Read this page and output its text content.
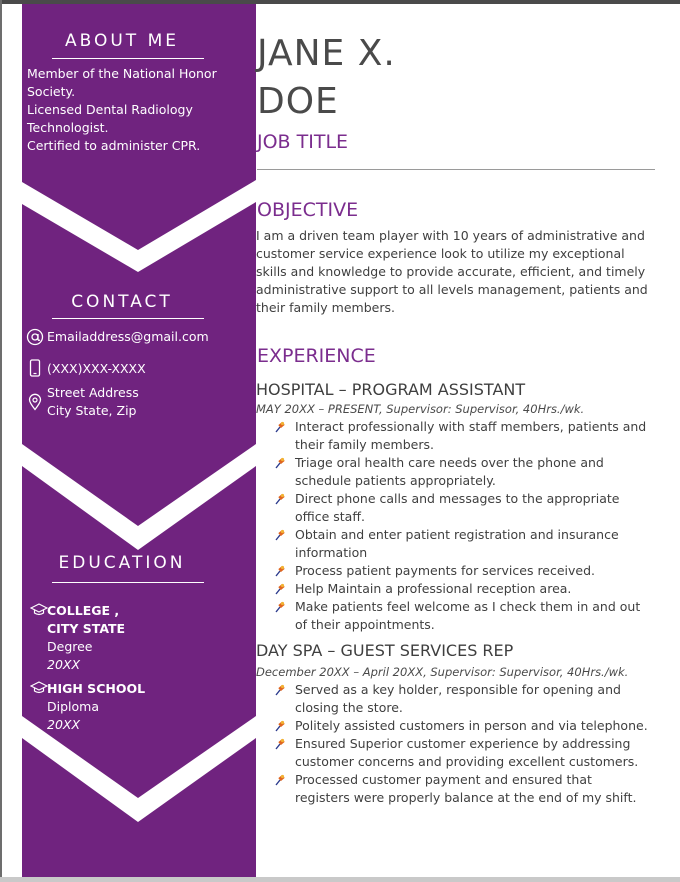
ABOUT ME
Member of the National Honor
Society.
Licensed Dental Radiology
Technologist.
Certified to administer CPR.
CONTACT
Emailaddress@gmail.com
(XXX)XXX-XXXX
Street Address
City State, Zip
EDUCATION
COLLEGE ,
CITY STATE
Degree
20XX
HIGH SCHOOL
Diploma
20XX
JANE X.
DOE
JOB TITLE
OBJECTIVE
I am a driven team player with 10 years of administrative and
customer service experience look to utilize my exceptional
skills and knowledge to provide accurate, efficient, and timely
administrative support to all levels management, patients and
their family members.
EXPERIENCE
HOSPITAL – PROGRAM ASSISTANT
MAY 20XX – PRESENT, Supervisor: Supervisor, 40Hrs./wk.
Interact professionally with staff members, patients and
their family members.
Triage oral health care needs over the phone and
schedule patients appropriately.
Direct phone calls and messages to the appropriate
office staff.
Obtain and enter patient registration and insurance
information
Process patient payments for services received.
Help Maintain a professional reception area.
Make patients feel welcome as I check them in and out
of their appointments.
DAY SPA – GUEST SERVICES REP
December 20XX – April 20XX, Supervisor: Supervisor, 40Hrs./wk.
Served as a key holder, responsible for opening and
closing the store.
Politely assisted customers in person and via telephone.
Ensured Superior customer experience by addressing
customer concerns and providing excellent customers.
Processed customer payment and ensured that
registers were properly balance at the end of my shift.
